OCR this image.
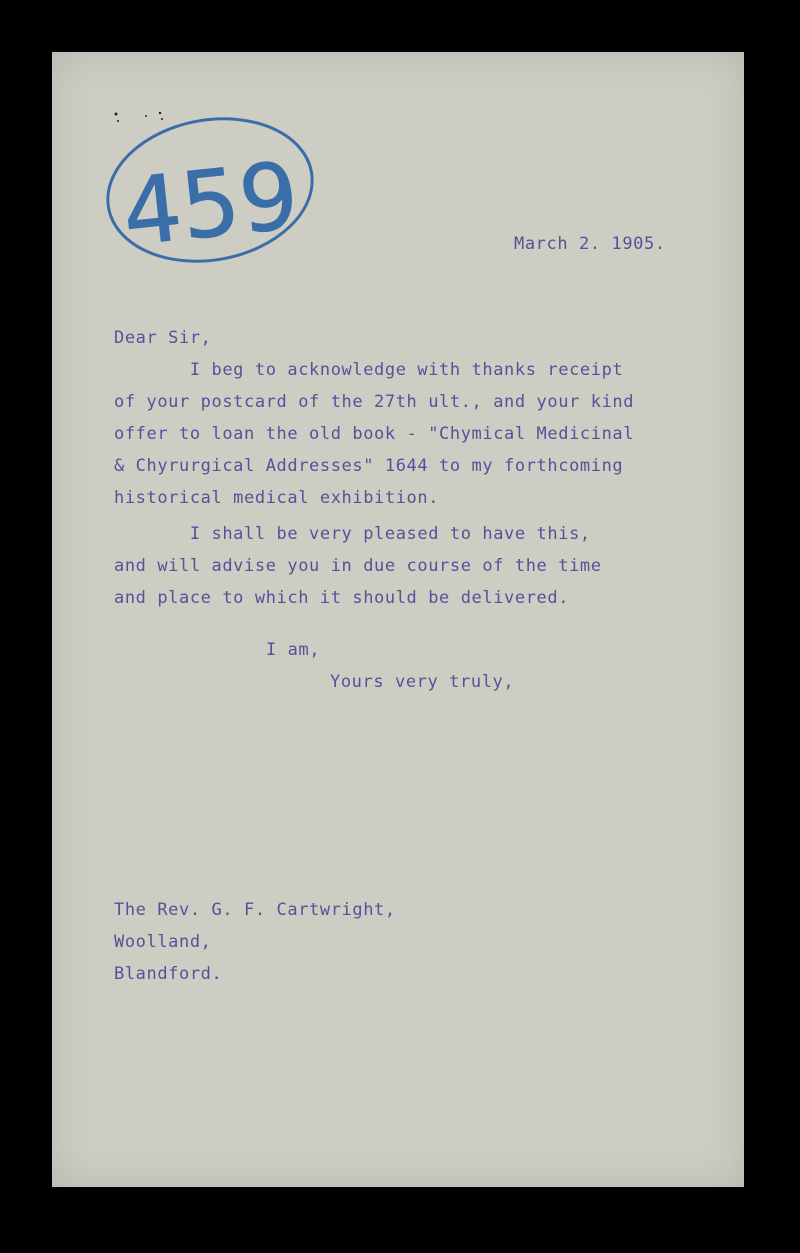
459	March 2. 1905.

Dear Sir,

I beg to acknowledge with thanks receipt

of your postcard of the 27th ult., and your kind

offer to loan the old book - "Chymical Medicinal

& Chyrurgical Addresses" 1644 to my forthcoming

historical medical exhibition.

I shall be very pleased to have this,

and will advise you in due course of the time

and place to which it should be delivered.

I am,

Yours very truly,

The Rev. G. F. Cartwright,

Woolland,

Blandford.
